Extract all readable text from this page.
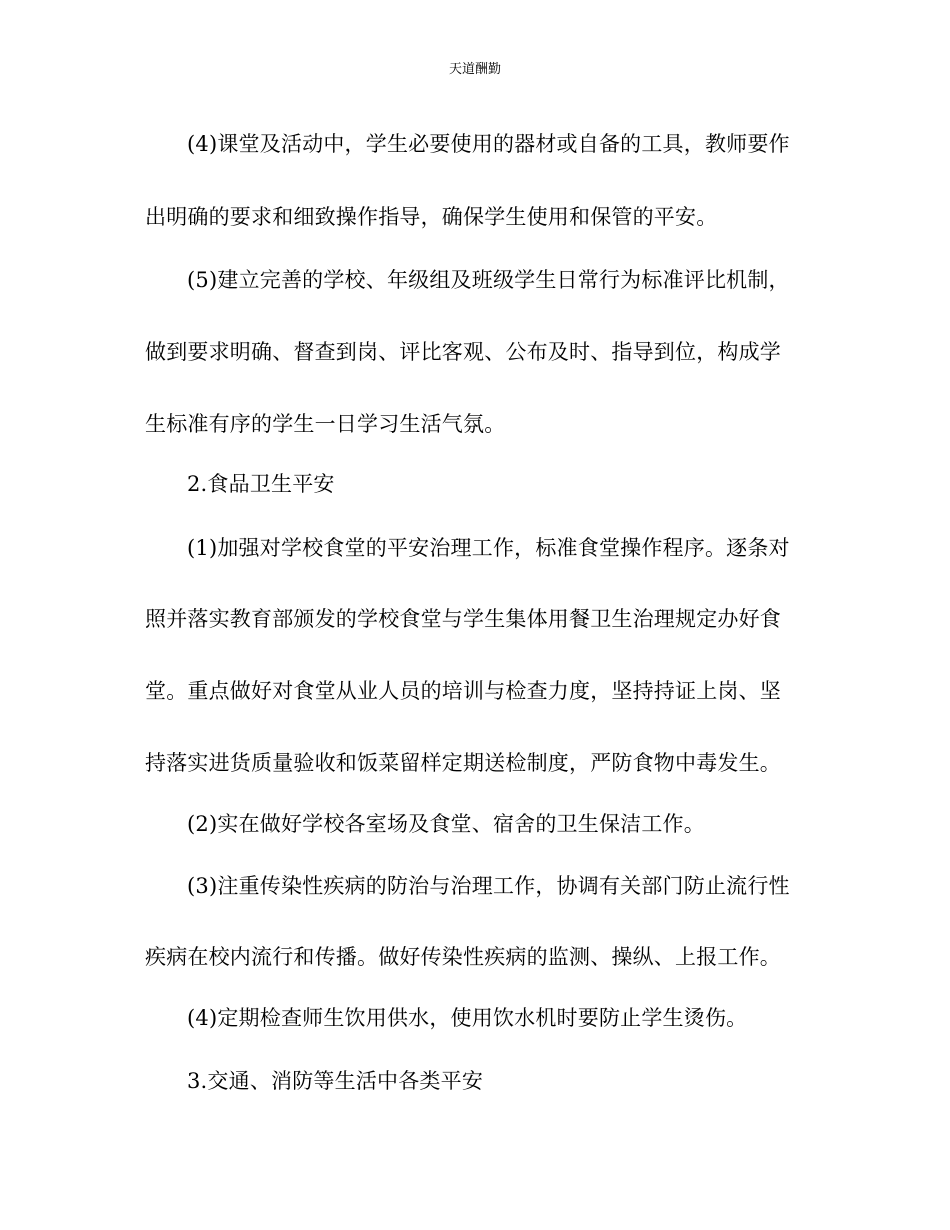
天道酬勤
(4)课堂及活动中，学生必要使用的器材或自备的工具，教师要作
出明确的要求和细致操作指导，确保学生使用和保管的平安。
(5)建立完善的学校、年级组及班级学生日常行为标准评比机制，
做到要求明确、督查到岗、评比客观、公布及时、指导到位，构成学
生标准有序的学生一日学习生活气氛。
2.食品卫生平安
(1)加强对学校食堂的平安治理工作，标准食堂操作程序。逐条对
照并落实教育部颁发的学校食堂与学生集体用餐卫生治理规定办好食
堂。重点做好对食堂从业人员的培训与检查力度，坚持持证上岗、坚
持落实进货质量验收和饭菜留样定期送检制度，严防食物中毒发生。
(2)实在做好学校各室场及食堂、宿舍的卫生保洁工作。
(3)注重传染性疾病的防治与治理工作，协调有关部门防止流行性
疾病在校内流行和传播。做好传染性疾病的监测、操纵、上报工作。
(4)定期检查师生饮用供水，使用饮水机时要防止学生烫伤。
3.交通、消防等生活中各类平安
